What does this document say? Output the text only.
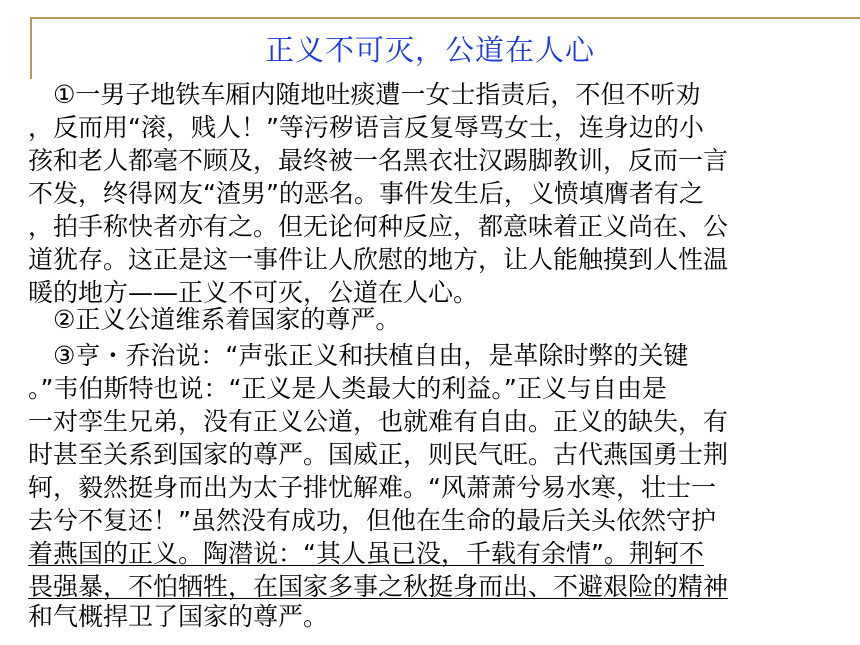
正义不可灭，公道在人心
　①一男子地铁车厢内随地吐痰遭一女士指责后，不但不听劝
，反而用“滚，贱人！”等污秽语言反复辱骂女士，连身边的小
孩和老人都毫不顾及，最终被一名黑衣壮汉踢脚教训，反而一言
不发，终得网友“渣男”的恶名。事件发生后，义愤填膺者有之
，拍手称快者亦有之。但无论何种反应，都意味着正义尚在、公
道犹存。这正是这一事件让人欣慰的地方，让人能触摸到人性温
暖的地方——正义不可灭，公道在人心。
　②正义公道维系着国家的尊严。
　③亨・乔治说：“声张正义和扶植自由，是革除时弊的关键
。”韦伯斯特也说：“正义是人类最大的利益。”正义与自由是
一对孪生兄弟，没有正义公道，也就难有自由。正义的缺失，有
时甚至关系到国家的尊严。国威正，则民气旺。古代燕国勇士荆
轲，毅然挺身而出为太子排忧解难。“风萧萧兮易水寒，壮士一
去兮不复还！”虽然没有成功，但他在生命的最后关头依然守护
着燕国的正义。陶潜说：“其人虽已没，千载有余情”。荆轲不
畏强暴，不怕牺牲，在国家多事之秋挺身而出、不避艰险的精神
和气概捍卫了国家的尊严。
